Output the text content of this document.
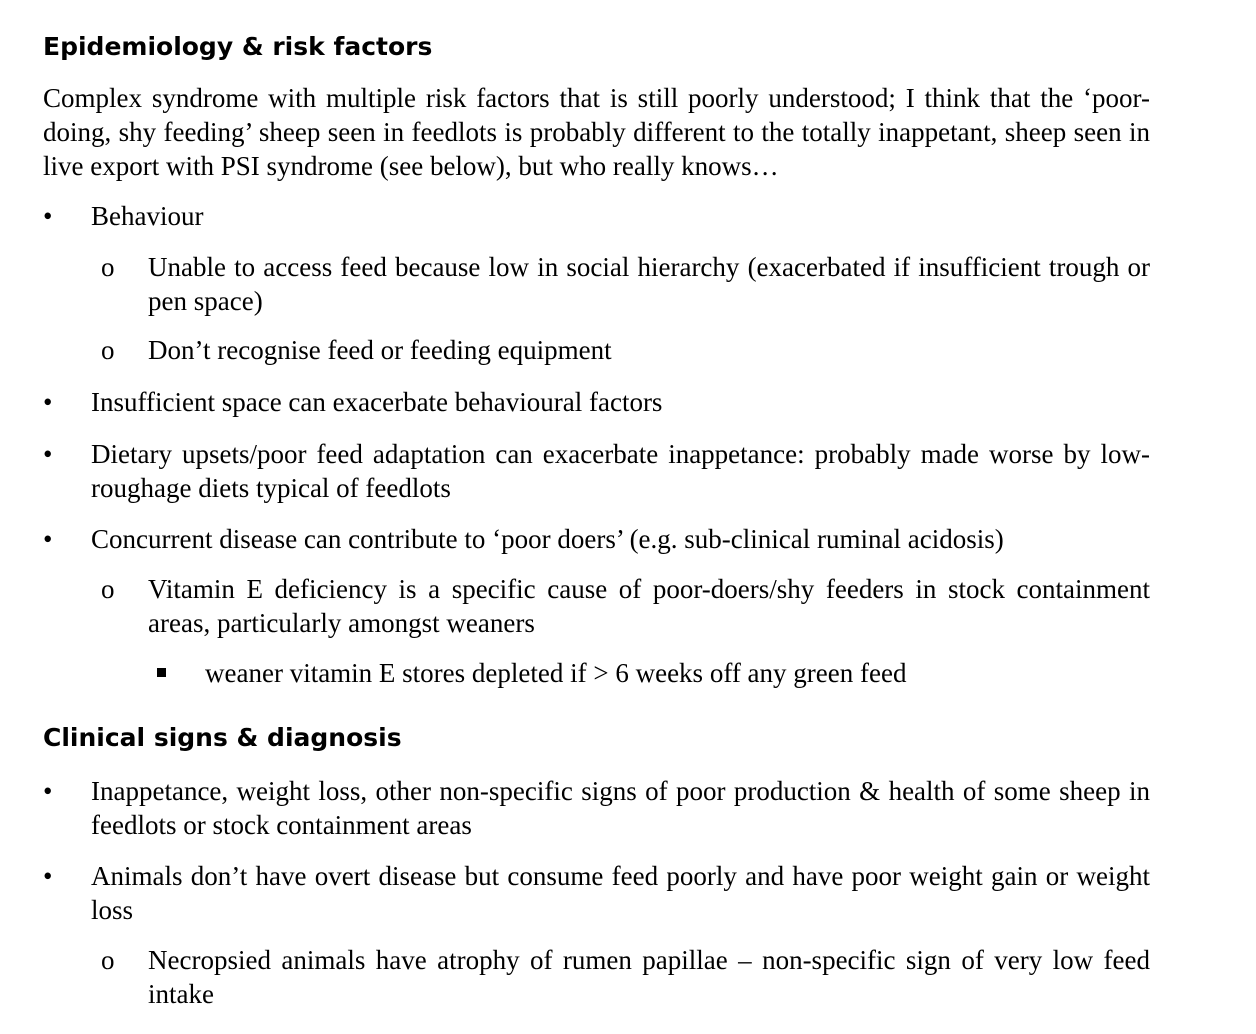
Epidemiology & risk factors

Complex syndrome with multiple risk factors that is still poorly understood; I think that the ‘poor-doing, shy feeding’ sheep seen in feedlots is probably different to the totally inappetant, sheep seen in live export with PSI syndrome (see below), but who really knows…

• Behaviour

o Unable to access feed because low in social hierarchy (exacerbated if insufficient trough or pen space)

o Don’t recognise feed or feeding equipment

• Insufficient space can exacerbate behavioural factors

• Dietary upsets/poor feed adaptation can exacerbate inappetance: probably made worse by low-roughage diets typical of feedlots

• Concurrent disease can contribute to ‘poor doers’ (e.g. sub-clinical ruminal acidosis)

o Vitamin E deficiency is a specific cause of poor-doers/shy feeders in stock containment areas, particularly amongst weaners

weaner vitamin E stores depleted if > 6 weeks off any green feed

Clinical signs & diagnosis
• Inappetance, weight loss, other non-specific signs of poor production & health of some sheep in feedlots or stock containment areas

• Animals don’t have overt disease but consume feed poorly and have poor weight gain or weight loss

o Necropsied animals have atrophy of rumen papillae – non-specific sign of very low feed intake
